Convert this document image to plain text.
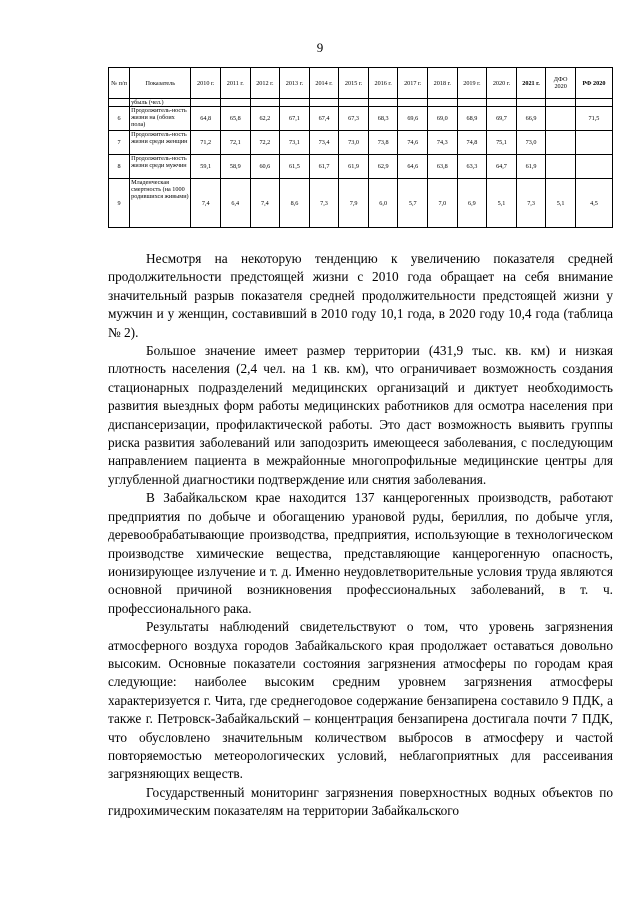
9
№ п/п	Показатель	2010 г.	2011 г.	2012 г.	2013 г.	2014 г.	2015 г.	2016 г.	2017 г.	2018 г.	2019 г.	2020 г.	2021 г.	ДФО 2020	РФ 2020
	убыль (чел.)														
6	Продолжитель-ность жизни на (обоих пола)	64,8	65,8	62,2	67,1	67,4	67,3	68,3	69,6	69,0	68,9	69,7	66,9		71,5
7	Продолжитель-ность жизни среди женщин	71,2	72,1	72,2	73,1	73,4	73,0	73,8	74,6	74,3	74,8	75,1	73,0		
8	Продолжитель-ность жизни среди мужчин	59,1	58,9	60,6	61,5	61,7	61,9	62,9	64,6	63,8	63,3	64,7	61,9		
9	Младенческая смертность (на 1000 родившихся живыми)	7,4	6,4	7,4	8,6	7,3	7,9	6,0	5,7	7,0	6,9	5,1	7,3	5,1	4,5

Несмотря на некоторую тенденцию к увеличению показателя средней продолжительности предстоящей жизни с 2010 года обращает на себя внимание значительный разрыв показателя средней продолжительности предстоящей жизни у мужчин и у женщин, составивший в 2010 году 10,1 года, в 2020 году 10,4 года (таблица № 2).

Большое значение имеет размер территории (431,9 тыс. кв. км) и низкая плотность населения (2,4 чел. на 1 кв. км), что ограничивает возможность создания стационарных подразделений медицинских организаций и диктует необходимость развития выездных форм работы медицинских работников для осмотра населения при диспансеризации, профилактической работы. Это даст возможность выявить группы риска развития заболеваний или заподозрить имеющееся заболевания, с последующим направлением пациента в межрайонные многопрофильные медицинские центры для углубленной диагностики подтверждение или снятия заболевания.

В Забайкальском крае находится 137 канцерогенных производств, работают предприятия по добыче и обогащению урановой руды, бериллия, по добыче угля, деревообрабатывающие производства, предприятия, использующие в технологическом производстве химические вещества, представляющие канцерогенную опасность, ионизирующее излучение и т. д. Именно неудовлетворительные условия труда являются основной причиной возникновения профессиональных заболеваний, в т. ч. профессионального рака.

Результаты наблюдений свидетельствуют о том, что уровень загрязнения атмосферного воздуха городов Забайкальского края продолжает оставаться довольно высоким. Основные показатели состояния загрязнения атмосферы по городам края следующие: наиболее высоким средним уровнем загрязнения атмосферы характеризуется г. Чита, где среднегодовое содержание бензапирена составило 9 ПДК, а также г. Петровск-Забайкальский – концентрация бензапирена достигала почти 7 ПДК, что обусловлено значительным количеством выбросов в атмосферу и частой повторяемостью метеорологических условий, неблагоприятных для рассеивания загрязняющих веществ.

Государственный мониторинг загрязнения поверхностных водных объектов по гидрохимическим показателям на территории Забайкальского
